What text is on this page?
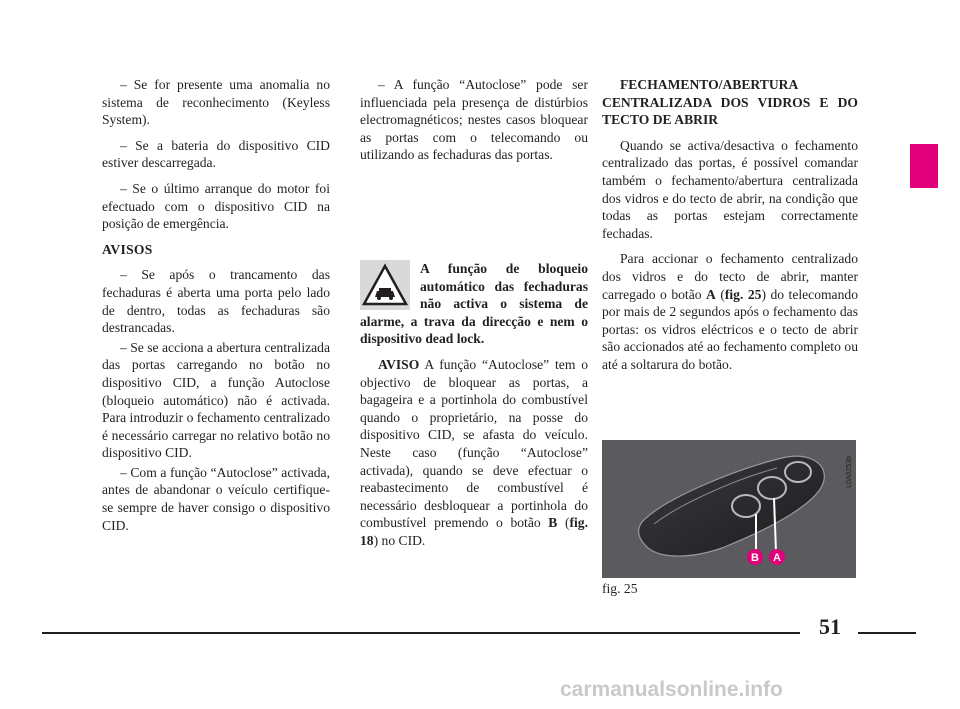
– Se for presente uma anomalia no sistema de reconhecimento (Keyless System).

– Se a bateria do dispositivo CID estiver descarregada.

– Se o último arranque do motor foi efectuado com o dispositivo CID na posição de emergência.

AVISOS

– Se após o trancamento das fechaduras é aberta uma porta pelo lado de dentro, todas as fechaduras são destrancadas.

– Se se acciona a abertura centralizada das portas carregando no botão no dispositivo CID, a função Autoclose (bloqueio automático) não é activada. Para introduzir o fechamento centralizado é necessário carregar no relativo botão no dispositivo CID.

– Com a função “Autoclose” activada, antes de abandonar o veículo certifique-se sempre de haver consigo o dispositivo CID.

– A função “Autoclose” pode ser influenciada pela presença de distúrbios electromagnéticos; nestes casos bloquear as portas com o telecomando ou utilizando as fechaduras das portas.

A função de bloqueio automático das fechaduras não activa o sistema de alarme, a trava da direcção e nem o dispositivo dead lock.

AVISO A função “Autoclose” tem o objectivo de bloquear as portas, a bagageira e a portinhola do combustível quando o proprietário, na posse do dispositivo CID, se afasta do veículo. Neste caso (função “Autoclose” activada), quando se deve efectuar o reabastecimento de combustível é necessário desbloquear a portinhola do combustível premendo o botão B (fig. 18) no CID.

FECHAMENTO/ABERTURA CENTRALIZADA DOS VIDROS E DO TECTO DE ABRIR

Quando se activa/desactiva o fechamento centralizado das portas, é possível comandar também o fechamento/abertura centralizada dos vidros e do tecto de abrir, na condição que todas as portas estejam correctamente fechadas.

Para accionar o fechamento centralizado dos vidros e do tecto de abrir, manter carregado o botão A (fig. 25) do telecomando por mais de 2 segundos após o fechamento das portas: os vidros eléctricos e o tecto de abrir são accionados até ao fechamento completo ou até a soltarura do botão.

B A
L0A0253b
fig. 25
51
carmanualsonline.info
